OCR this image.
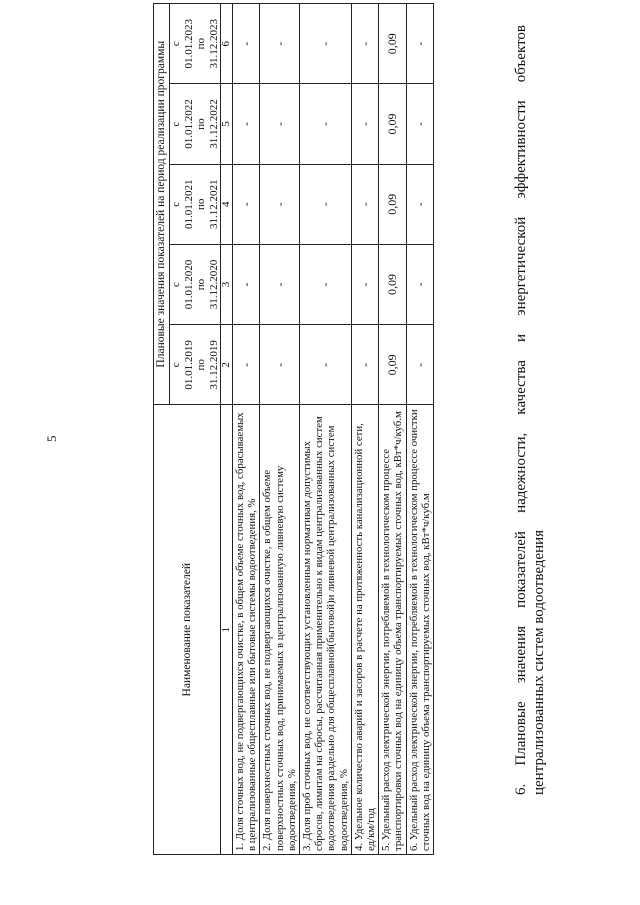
5
6.
Плановые
значения
показателей
надежности,
качества
и
энергетической
эффективности
объектов
централизованных систем водоотведения
Наименование показателей	Плановые значения показателей на период реализации программы				
	с
01.01.2019
по
31.12.2019	с
01.01.2020
по
31.12.2020	с
01.01.2021
по
31.12.2021	с
01.01.2022
по
31.12.2022	с
01.01.2023
по
31.12.2023
1	2	3	4	5	6
1. Доля сточных вод, не подвергающихся очистке, в общем объеме сточных вод, сбрасываемых в централизованные общесплавные или бытовые системы водоотведения, %	-	-	-	-	-
2. Доля поверхностных сточных вод, не подвергающихся очистке, в общем объеме поверхностных сточных вод, принимаемых в централизованную ливневую систему водоотведения, %	-	-	-	-	-
3. Доля проб сточных вод, не соответствующих установленным нормативам допустимых сбросов, лимитам на сбросы, рассчитанная применительно к видам централизованных систем водоотведения раздельно для общесплавной(бытовой)и ливневой централизованных систем водоотведения, %	-	-	-	-	-
4. Удельное количество аварий и засоров в расчете на протяженность канализационной сети, ед/км/год	-	-	-	-	-
5. Удельный расход электрической энергии, потребляемой в технологическом процессе транспортировки сточных вод на единицу объема транспортируемых сточных вод, кВт*ч/куб.м	0,09	0,09	0,09	0,09	0,09
6. Удельный расход электрической энергии, потребляемой в технологическом процессе очистки сточных вод на единицу объема транспортируемых сточных вод, кВт*ч/куб.м	-	-	-	-	-
